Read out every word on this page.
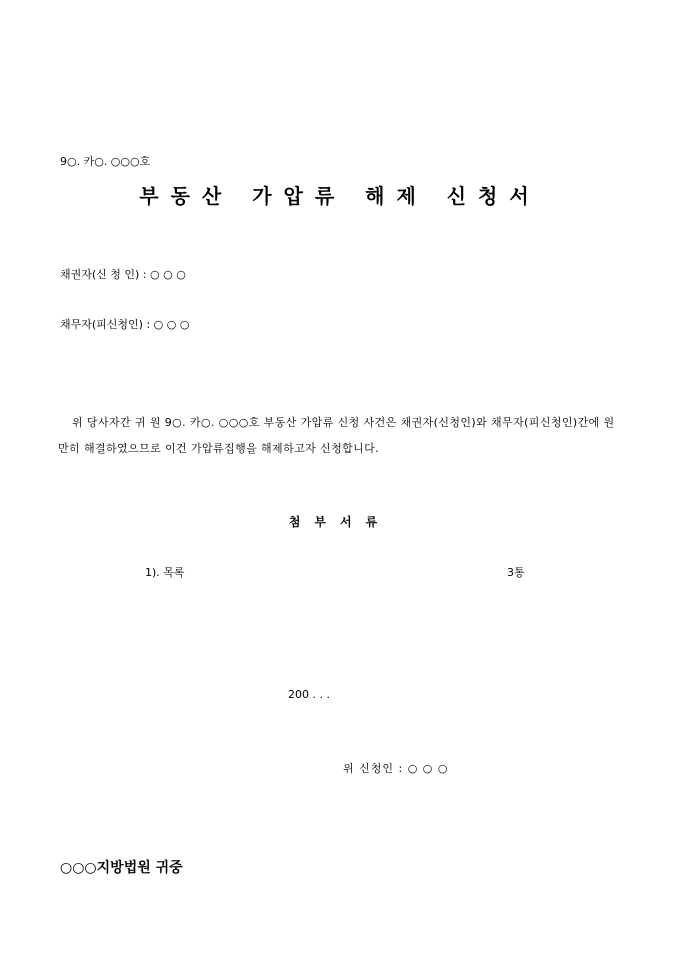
9○. 카○. ○○○호
부동산 가압류 해제 신청서
채권자(신 청 인) : ○ ○ ○
채무자(피신청인) : ○ ○ ○
위 당사자간 귀 원 9○. 카○. ○○○호 부동산 가압류 신청 사건은 채권자(신청인)와 채무자(피신청인)간에 원만히 해결하였으므로 이건 가압류집행을 해제하고자 신청합니다.
첨부서류
1). 목록	3통
200 . . .
위 신청인 : ○ ○ ○
○○○지방법원 귀중
